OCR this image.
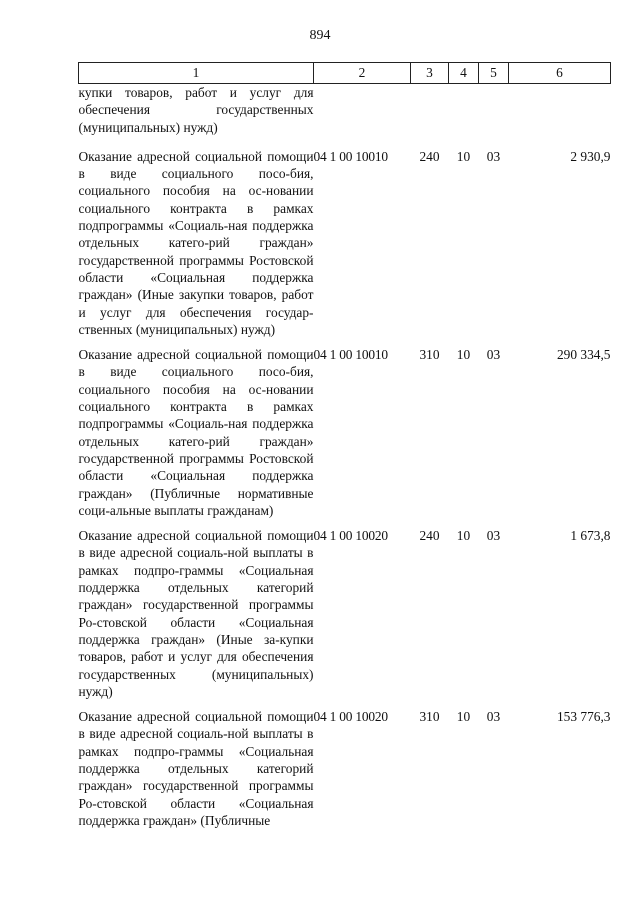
894
1	2	3	4	5	6
купки товаров, работ и услуг для обеспечения государственных (муниципальных) нужд)					
Оказание адресной социальной помощи в виде социального посо-бия, социального пособия на ос-новании социального контракта в рамках подпрограммы «Социаль-ная поддержка отдельных катего-рий граждан» государственной программы Ростовской области «Социальная поддержка граждан» (Иные закупки товаров, работ и услуг для обеспечения государ-ственных (муниципальных) нужд)	04 1 00 10010	240	10	03	2 930,9
Оказание адресной социальной помощи в виде социального посо-бия, социального пособия на ос-новании социального контракта в рамках подпрограммы «Социаль-ная поддержка отдельных катего-рий граждан» государственной программы Ростовской области «Социальная поддержка граждан» (Публичные нормативные соци-альные выплаты гражданам)	04 1 00 10010	310	10	03	290 334,5
Оказание адресной социальной помощи в виде адресной социаль-ной выплаты в рамках подпро-граммы «Социальная поддержка отдельных категорий граждан» государственной программы Ро-стовской области «Социальная поддержка граждан» (Иные за-купки товаров, работ и услуг для обеспечения государственных (муниципальных) нужд)	04 1 00 10020	240	10	03	1 673,8
Оказание адресной социальной помощи в виде адресной социаль-ной выплаты в рамках подпро-граммы «Социальная поддержка отдельных категорий граждан» государственной программы Ро-стовской области «Социальная поддержка граждан» (Публичные	04 1 00 10020	310	10	03	153 776,3
